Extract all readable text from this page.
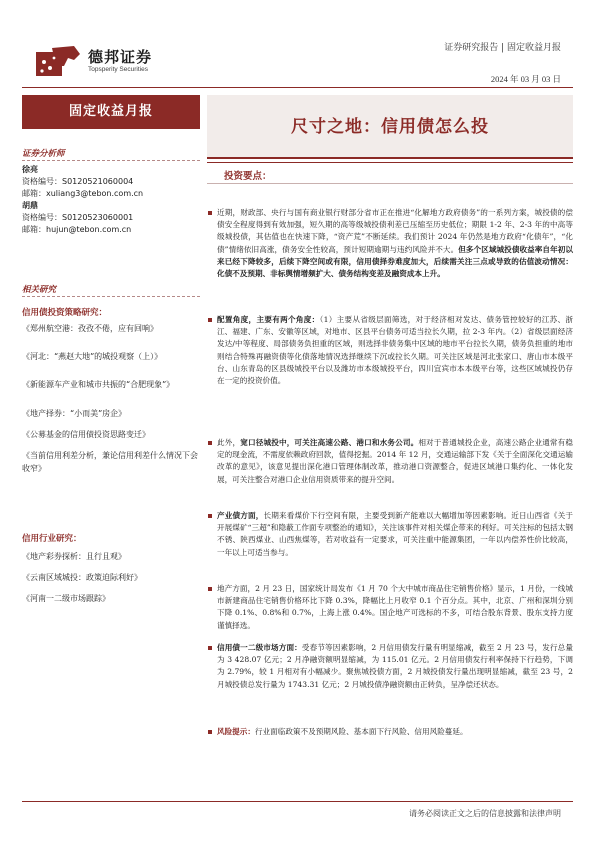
德邦证券
Topsperity Securities
证券研究报告 | 固定收益月报
2024 年 03 月 03 日
固定收益月报
证券分析师
徐亮
资格编号：S0120521060004
邮箱：xuliang3@tebon.com.cn
胡鼎
资格编号：S0120523060001
邮箱：hujun@tebon.com.cn
相关研究
信用债投资策略研究：
《郑州航空港：孜孜不倦，应有回响》
《河北：“燕赵大地”的城投观察（上）》
《新能源车产业和城市共振的“合肥现象”》
《地产择券：“小而美”房企》
《公募基金的信用债投资思路变迁》
《当前信用利差分析，兼论信用利差什么情况下会收窄》
信用行业研究：
《地产彩券探析：且行且观》
《云南区域城投：政策迫际利好》
《河南一二级市场跟踪》
尺寸之地：信用债怎么投
投资要点：
近期，财政部、央行与国有商业银行财部分省市正在推进“化解地方政府债务”的一系列方案，城投债的偿债安全程度得到有效加强，短久期的高等级城投债利差已压缩至历史低位；期限 1-2 年、2-3 年的中高等级城投债，其估值也在快速下降，“资产荒”不断延续。我们预计 2024 年仍然是地方政府“化债年”，“化债”情绪依旧高涨，债务安全性较高，预计短期逾期与违约风险并不大。但多个区域城投债收益率自年初以来已经下降较多，后续下降空间或有限，信用债择券难度加大，后续需关注三点或导致的估值波动情况：化债不及预期、非标舆情增频扩大、债务结构变差及融资成本上升。
配置角度，主要有两个角度：（1）主要从省级层面筛选，对于经济相对发达、债务管控较好的江苏、浙江、福建、广东、安徽等区域，对地市、区县平台债务可适当拉长久期，拉 2-3 年内。（2）省级层面经济发达/中等程度、局部债务负担重的区域，则选择非债务集中区域的地市平台拉长久期，债务负担重的地市则结合特殊再融资债等化债落地情况选择继续下沉或拉长久期。可关注区域是河北张家口、唐山市本级平台、山东青岛的区县级城投平台以及潍坊市本级城投平台，四川宜宾市本本级平台等，这些区域城投仍存在一定的投资价值。
此外，宽口径城投中，可关注高速公路、港口和水务公司。相对于普通城投企业，高速公路企业通常有稳定的现金流，不需度依赖政府回款，值得挖掘。2014 年 12 月，交通运输部下发《关于全面深化交通运输改革的意见》，该意见提出深化港口管理体制改革，推动港口资源整合，促进区域港口集约化、一体化发展，可关注整合对港口企业信用资质带来的提升空间。
产业债方面，长期来看煤价下行空间有限，主要受到新产能难以大幅增加等因素影响。近日山西省《关于开展煤矿“三超”和隐蔽工作面专项整治的通知》，关注该事件对相关煤企带来的利好。可关注标的包括太钢不锈、陕西煤业、山西焦煤等，若对收益有一定要求，可关注重中能源集团，一年以内偿养性价比较高，一年以上可适当参与。
地产方面，2 月 23 日，国家统计局发布《1 月 70 个大中城市商品住宅销售价格》显示，1 月份，一线城市新建商品住宅销售价格环比下降 0.3%，降幅比上月收窄 0.1 个百分点。其中，北京、广州和深圳分别下降 0.1%、0.8%和 0.7%，上海上涨 0.4%。国企地产可选标的不多，可结合股东背景、股东支持力度谨慎择选。
信用债一二级市场方面：受春节等因素影响，2 月信用债发行量有明显缩减，截至 2 月 23 号，发行总量为 3 428.07 亿元；2 月净融资额明显缩减，为 115.01 亿元。2 月信用债发行利率保持下行趋势，下调为 2.79%，较 1 月相对有小幅减少。聚焦城投债方面，2 月城投债发行量出现明显缩减，截至 23 号，2 月城投债总发行量为 1743.31 亿元；2 月城投债净融资额由正转负，呈净偿还状态。
风险提示：行业面临政策不及预期风险、基本面下行风险、信用风险蔓延。
请务必阅读正文之后的信息披露和法律声明
